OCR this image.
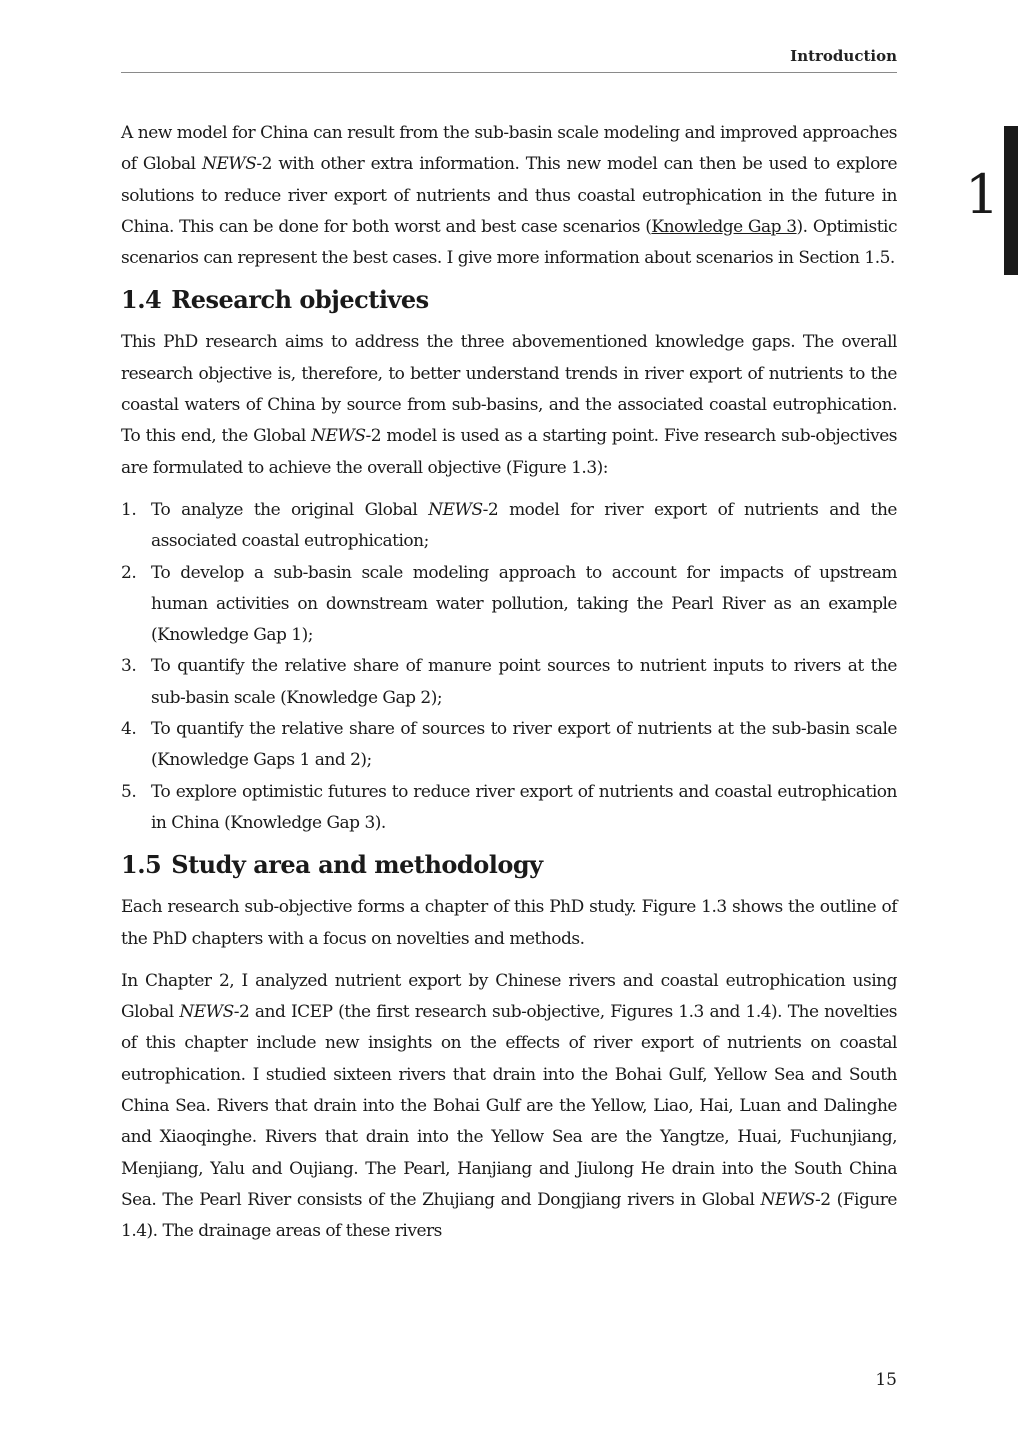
Introduction
1

A new model for China can result from the sub-basin scale modeling and improved approaches of Global NEWS-2 with other extra information. This new model can then be used to explore solutions to reduce river export of nutrients and thus coastal eutrophication in the future in China. This can be done for both worst and best case scenarios (Knowledge Gap 3). Optimistic scenarios can represent the best cases. I give more information about scenarios in Section 1.5.

1.4 Research objectives

This PhD research aims to address the three abovementioned knowledge gaps. The overall research objective is, therefore, to better understand trends in river export of nutrients to the coastal waters of China by source from sub-basins, and the associated coastal eutrophication. To this end, the Global NEWS-2 model is used as a starting point. Five research sub-objectives are formulated to achieve the overall objective (Figure 1.3):

1. To analyze the original Global NEWS-2 model for river export of nutrients and the associated coastal eutrophication;
2. To develop a sub-basin scale modeling approach to account for impacts of upstream human activities on downstream water pollution, taking the Pearl River as an example (Knowledge Gap 1);
3. To quantify the relative share of manure point sources to nutrient inputs to rivers at the sub-basin scale (Knowledge Gap 2);
4. To quantify the relative share of sources to river export of nutrients at the sub-basin scale (Knowledge Gaps 1 and 2);
5. To explore optimistic futures to reduce river export of nutrients and coastal eutrophication in China (Knowledge Gap 3).
1.5 Study area and methodology

Each research sub-objective forms a chapter of this PhD study. Figure 1.3 shows the outline of the PhD chapters with a focus on novelties and methods.

In Chapter 2, I analyzed nutrient export by Chinese rivers and coastal eutrophication using Global NEWS-2 and ICEP (the first research sub-objective, Figures 1.3 and 1.4). The novelties of this chapter include new insights on the effects of river export of nutrients on coastal eutrophication. I studied sixteen rivers that drain into the Bohai Gulf, Yellow Sea and South China Sea. Rivers that drain into the Bohai Gulf are the Yellow, Liao, Hai, Luan and Dalinghe and Xiaoqinghe. Rivers that drain into the Yellow Sea are the Yangtze, Huai, Fuchunjiang, Menjiang, Yalu and Oujiang. The Pearl, Hanjiang and Jiulong He drain into the South China Sea. The Pearl River consists of the Zhujiang and Dongjiang rivers in Global NEWS-2 (Figure 1.4). The drainage areas of these rivers

15
